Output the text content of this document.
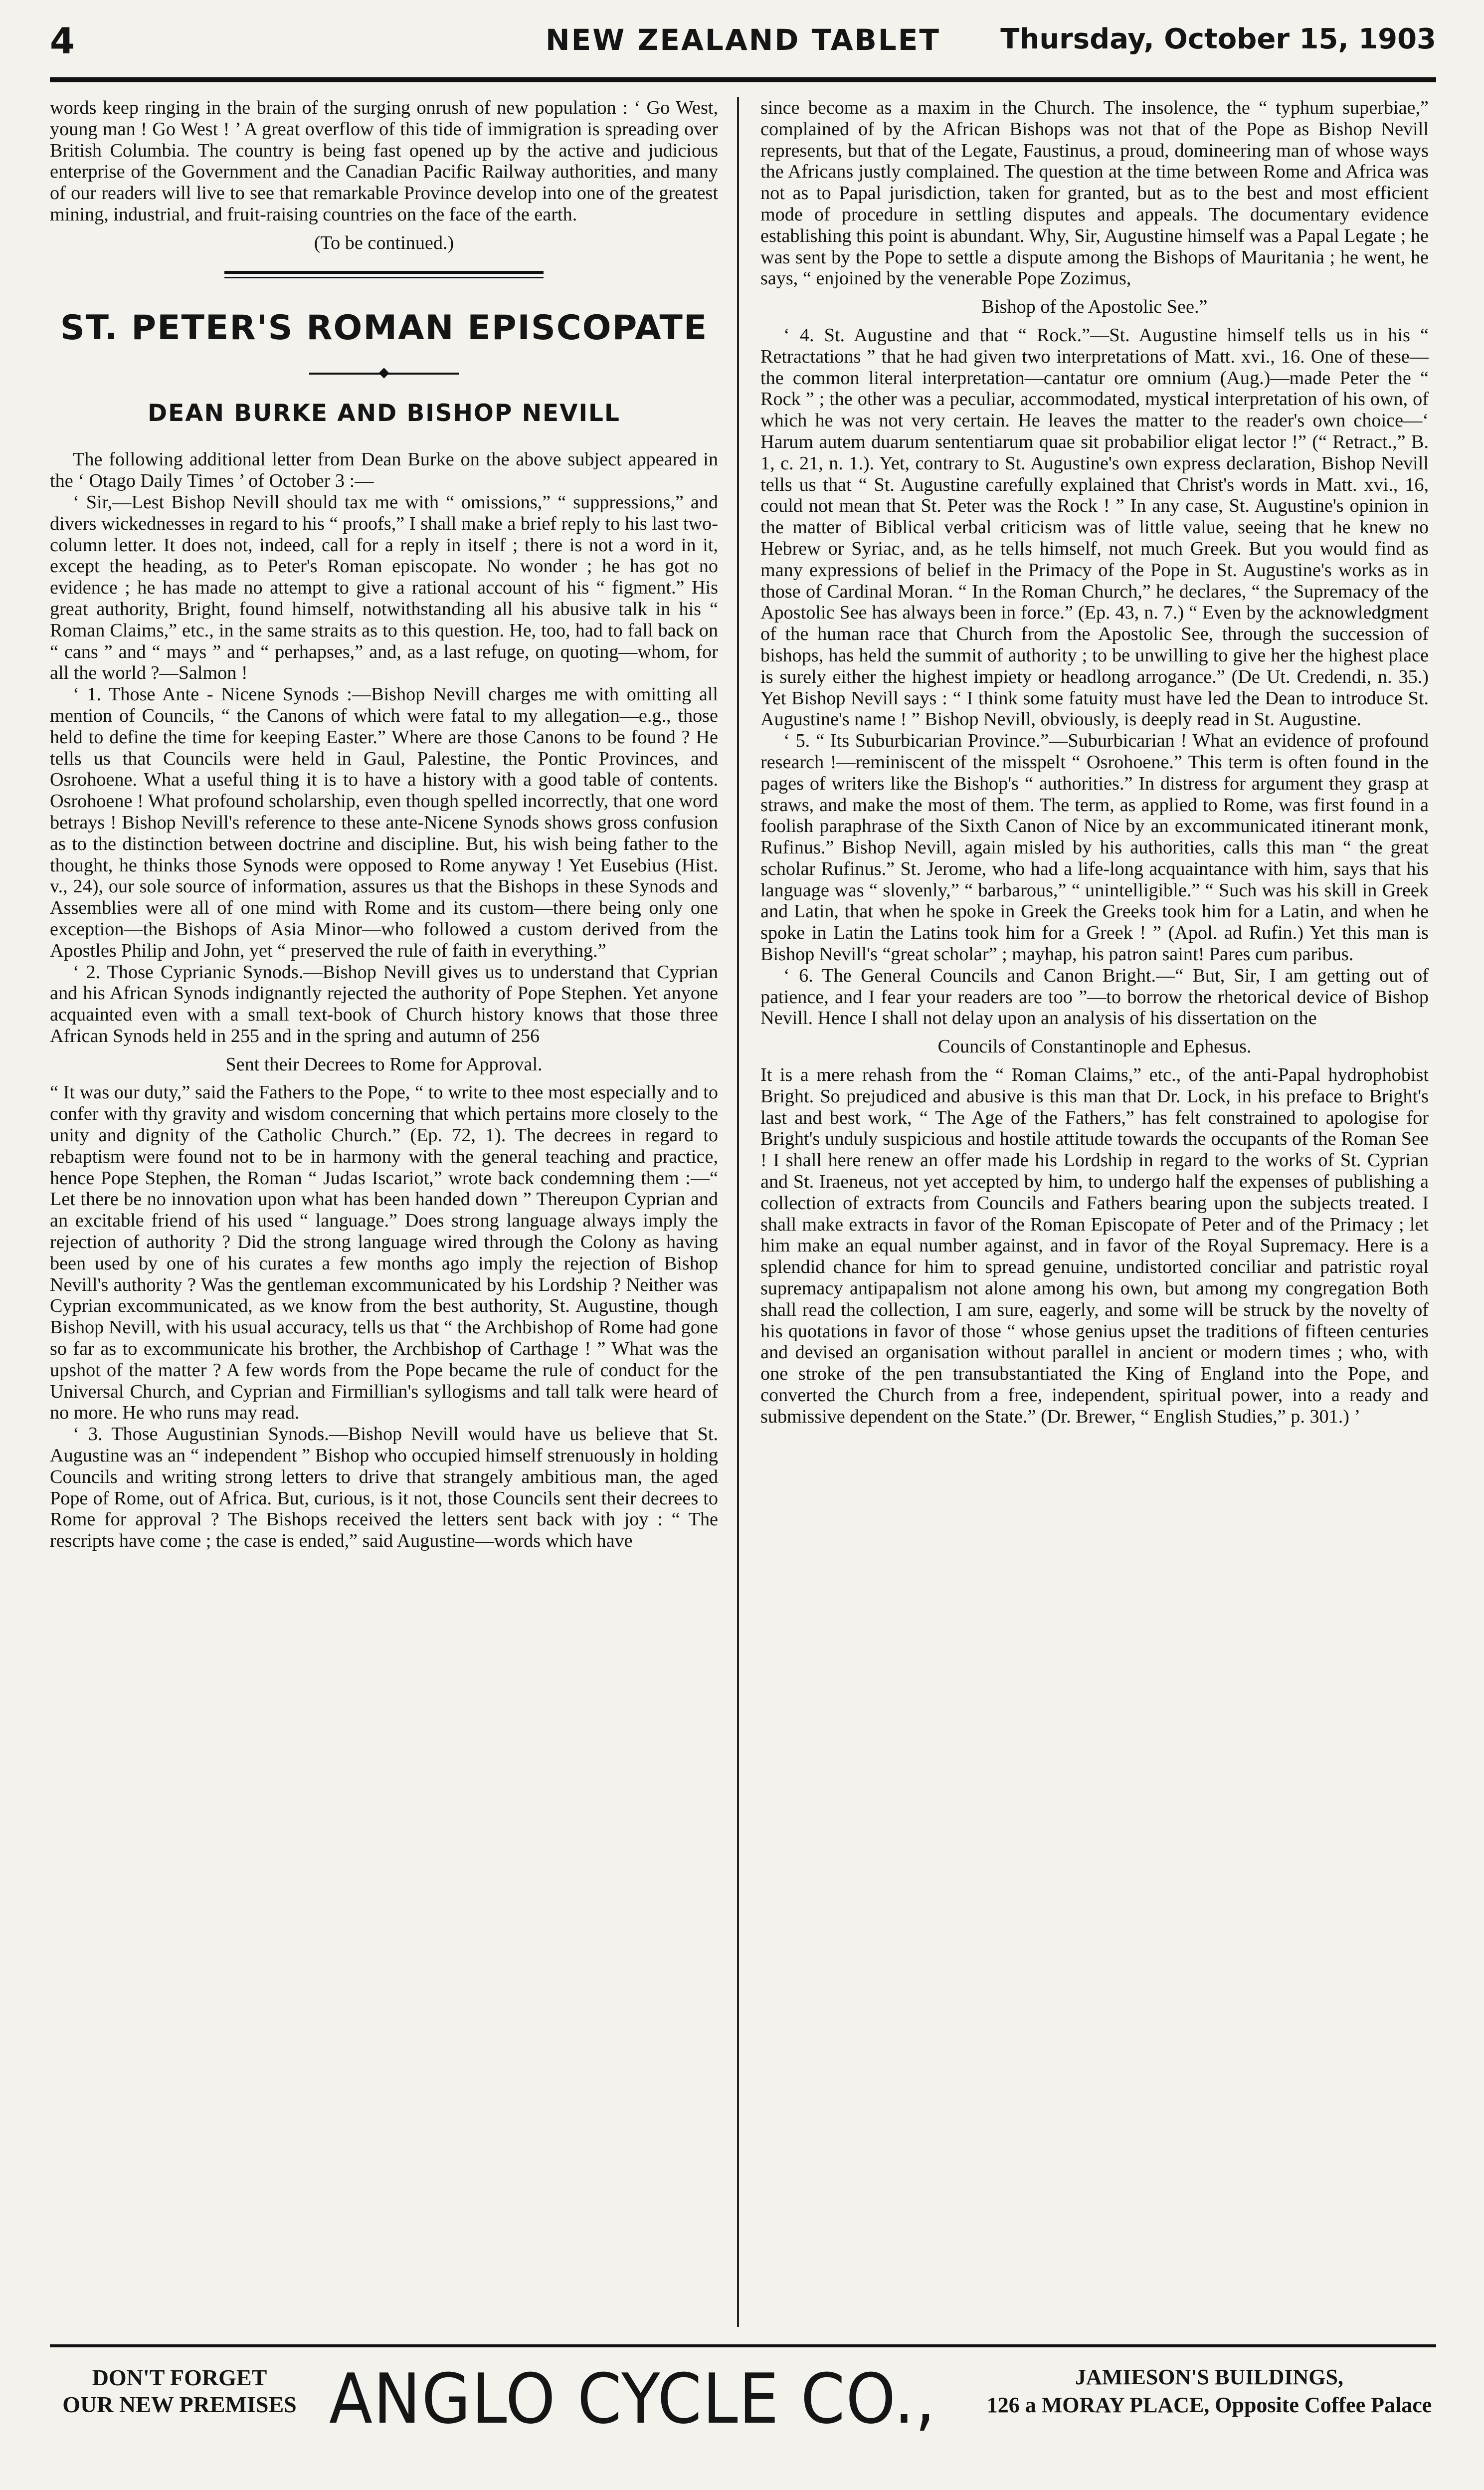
4	NEW ZEALAND TABLET	Thursday, October 15, 1903

words keep ringing in the brain of the surging onrush of new population : ‘ Go West, young man ! Go West ! ’ A great overflow of this tide of immigration is spreading over British Columbia. The country is being fast opened up by the active and judicious enterprise of the Government and the Canadian Pacific Railway authorities, and many of our readers will live to see that remarkable Province develop into one of the greatest mining, industrial, and fruit-raising countries on the face of the earth.

(To be continued.)

ST. PETER'S ROMAN EPISCOPATE
DEAN BURKE AND BISHOP NEVILL

The following additional letter from Dean Burke on the above subject appeared in the ‘ Otago Daily Times ’ of October 3 :—

‘ Sir,—Lest Bishop Nevill should tax me with “ omissions,” “ suppressions,” and divers wickednesses in regard to his “ proofs,” I shall make a brief reply to his last two-column letter. It does not, indeed, call for a reply in itself ; there is not a word in it, except the heading, as to Peter's Roman episcopate. No wonder ; he has got no evidence ; he has made no attempt to give a rational account of his “ figment.” His great authority, Bright, found himself, notwithstanding all his abusive talk in his “ Roman Claims,” etc., in the same straits as to this question. He, too, had to fall back on “ cans ” and “ mays ” and “ perhapses,” and, as a last refuge, on quoting—whom, for all the world ?—Salmon !

‘ 1. Those Ante - Nicene Synods :—Bishop Nevill charges me with omitting all mention of Councils, “ the Canons of which were fatal to my allegation—e.g., those held to define the time for keeping Easter.” Where are those Canons to be found ? He tells us that Councils were held in Gaul, Palestine, the Pontic Provinces, and Osrohoene. What a useful thing it is to have a history with a good table of contents. Osrohoene ! What profound scholarship, even though spelled incorrectly, that one word betrays ! Bishop Nevill's reference to these ante-Nicene Synods shows gross confusion as to the distinction between doctrine and discipline. But, his wish being father to the thought, he thinks those Synods were opposed to Rome anyway ! Yet Eusebius (Hist. v., 24), our sole source of information, assures us that the Bishops in these Synods and Assemblies were all of one mind with Rome and its custom—there being only one exception—the Bishops of Asia Minor—who followed a custom derived from the Apostles Philip and John, yet “ preserved the rule of faith in everything.”

‘ 2. Those Cyprianic Synods.—Bishop Nevill gives us to understand that Cyprian and his African Synods indignantly rejected the authority of Pope Stephen. Yet anyone acquainted even with a small text-book of Church history knows that those three African Synods held in 255 and in the spring and autumn of 256

Sent their Decrees to Rome for Approval.

“ It was our duty,” said the Fathers to the Pope, “ to write to thee most especially and to confer with thy gravity and wisdom concerning that which pertains more closely to the unity and dignity of the Catholic Church.” (Ep. 72, 1). The decrees in regard to rebaptism were found not to be in harmony with the general teaching and practice, hence Pope Stephen, the Roman “ Judas Iscariot,” wrote back condemning them :—“ Let there be no innovation upon what has been handed down ” Thereupon Cyprian and an excitable friend of his used “ language.” Does strong language always imply the rejection of authority ? Did the strong language wired through the Colony as having been used by one of his curates a few months ago imply the rejection of Bishop Nevill's authority ? Was the gentleman excommunicated by his Lordship ? Neither was Cyprian excommunicated, as we know from the best authority, St. Augustine, though Bishop Nevill, with his usual accuracy, tells us that “ the Archbishop of Rome had gone so far as to excommunicate his brother, the Archbishop of Carthage ! ” What was the upshot of the matter ? A few words from the Pope became the rule of conduct for the Universal Church, and Cyprian and Firmillian's syllogisms and tall talk were heard of no more. He who runs may read.

‘ 3. Those Augustinian Synods.—Bishop Nevill would have us believe that St. Augustine was an “ independent ” Bishop who occupied himself strenuously in holding Councils and writing strong letters to drive that strangely ambitious man, the aged Pope of Rome, out of Africa. But, curious, is it not, those Councils sent their decrees to Rome for approval ? The Bishops received the letters sent back with joy : “ The rescripts have come ; the case is ended,” said Augustine—words which have

since become as a maxim in the Church. The insolence, the “ typhum superbiae,” complained of by the African Bishops was not that of the Pope as Bishop Nevill represents, but that of the Legate, Faustinus, a proud, domineering man of whose ways the Africans justly complained. The question at the time between Rome and Africa was not as to Papal jurisdiction, taken for granted, but as to the best and most efficient mode of procedure in settling disputes and appeals. The documentary evidence establishing this point is abundant. Why, Sir, Augustine himself was a Papal Legate ; he was sent by the Pope to settle a dispute among the Bishops of Mauritania ; he went, he says, “ enjoined by the venerable Pope Zozimus,

Bishop of the Apostolic See.”

‘ 4. St. Augustine and that “ Rock.”—St. Augustine himself tells us in his “ Retractations ” that he had given two interpretations of Matt. xvi., 16. One of these—the common literal interpretation—cantatur ore omnium (Aug.)—made Peter the “ Rock ” ; the other was a peculiar, accommodated, mystical interpretation of his own, of which he was not very certain. He leaves the matter to the reader's own choice—‘ Harum autem duarum sententiarum quae sit probabilior eligat lector !” (“ Retract.,” B. 1, c. 21, n. 1.). Yet, contrary to St. Augustine's own express declaration, Bishop Nevill tells us that “ St. Augustine carefully explained that Christ's words in Matt. xvi., 16, could not mean that St. Peter was the Rock ! ” In any case, St. Augustine's opinion in the matter of Biblical verbal criticism was of little value, seeing that he knew no Hebrew or Syriac, and, as he tells himself, not much Greek. But you would find as many expressions of belief in the Primacy of the Pope in St. Augustine's works as in those of Cardinal Moran. “ In the Roman Church,” he declares, “ the Supremacy of the Apostolic See has always been in force.” (Ep. 43, n. 7.) “ Even by the acknowledgment of the human race that Church from the Apostolic See, through the succession of bishops, has held the summit of authority ; to be unwilling to give her the highest place is surely either the highest impiety or headlong arrogance.” (De Ut. Credendi, n. 35.) Yet Bishop Nevill says : “ I think some fatuity must have led the Dean to introduce St. Augustine's name ! ” Bishop Nevill, obviously, is deeply read in St. Augustine.

‘ 5. “ Its Suburbicarian Province.”—Suburbicarian ! What an evidence of profound research !—reminiscent of the misspelt “ Osrohoene.” This term is often found in the pages of writers like the Bishop's “ authorities.” In distress for argument they grasp at straws, and make the most of them. The term, as applied to Rome, was first found in a foolish paraphrase of the Sixth Canon of Nice by an excommunicated itinerant monk, Rufinus.” Bishop Nevill, again misled by his authorities, calls this man “ the great scholar Rufinus.” St. Jerome, who had a life-long acquaintance with him, says that his language was “ slovenly,” “ barbarous,” “ unintelligible.” “ Such was his skill in Greek and Latin, that when he spoke in Greek the Greeks took him for a Latin, and when he spoke in Latin the Latins took him for a Greek ! ” (Apol. ad Rufin.) Yet this man is Bishop Nevill's “great scholar” ; mayhap, his patron saint! Pares cum paribus.

‘ 6. The General Councils and Canon Bright.—“ But, Sir, I am getting out of patience, and I fear your readers are too ”—to borrow the rhetorical device of Bishop Nevill. Hence I shall not delay upon an analysis of his dissertation on the

Councils of Constantinople and Ephesus.

It is a mere rehash from the “ Roman Claims,” etc., of the anti-Papal hydrophobist Bright. So prejudiced and abusive is this man that Dr. Lock, in his preface to Bright's last and best work, “ The Age of the Fathers,” has felt constrained to apologise for Bright's unduly suspicious and hostile attitude towards the occupants of the Roman See ! I shall here renew an offer made his Lordship in regard to the works of St. Cyprian and St. Iraeneus, not yet accepted by him, to undergo half the expenses of publishing a collection of extracts from Councils and Fathers bearing upon the subjects treated. I shall make extracts in favor of the Roman Episcopate of Peter and of the Primacy ; let him make an equal number against, and in favor of the Royal Supremacy. Here is a splendid chance for him to spread genuine, undistorted conciliar and patristic royal supremacy antipapalism not alone among his own, but among my congregation Both shall read the collection, I am sure, eagerly, and some will be struck by the novelty of his quotations in favor of those “ whose genius upset the traditions of fifteen centuries and devised an organisation without parallel in ancient or modern times ; who, with one stroke of the pen transubstantiated the King of England into the Pope, and converted the Church from a free, independent, spiritual power, into a ready and submissive dependent on the State.” (Dr. Brewer, “ English Studies,” p. 301.) ’

DON'T FORGET
OUR NEW PREMISES ANGLO CYCLE CO.,	JAMIESON'S BUILDINGS,
126 a MORAY PLACE, Opposite Coffee Palace
